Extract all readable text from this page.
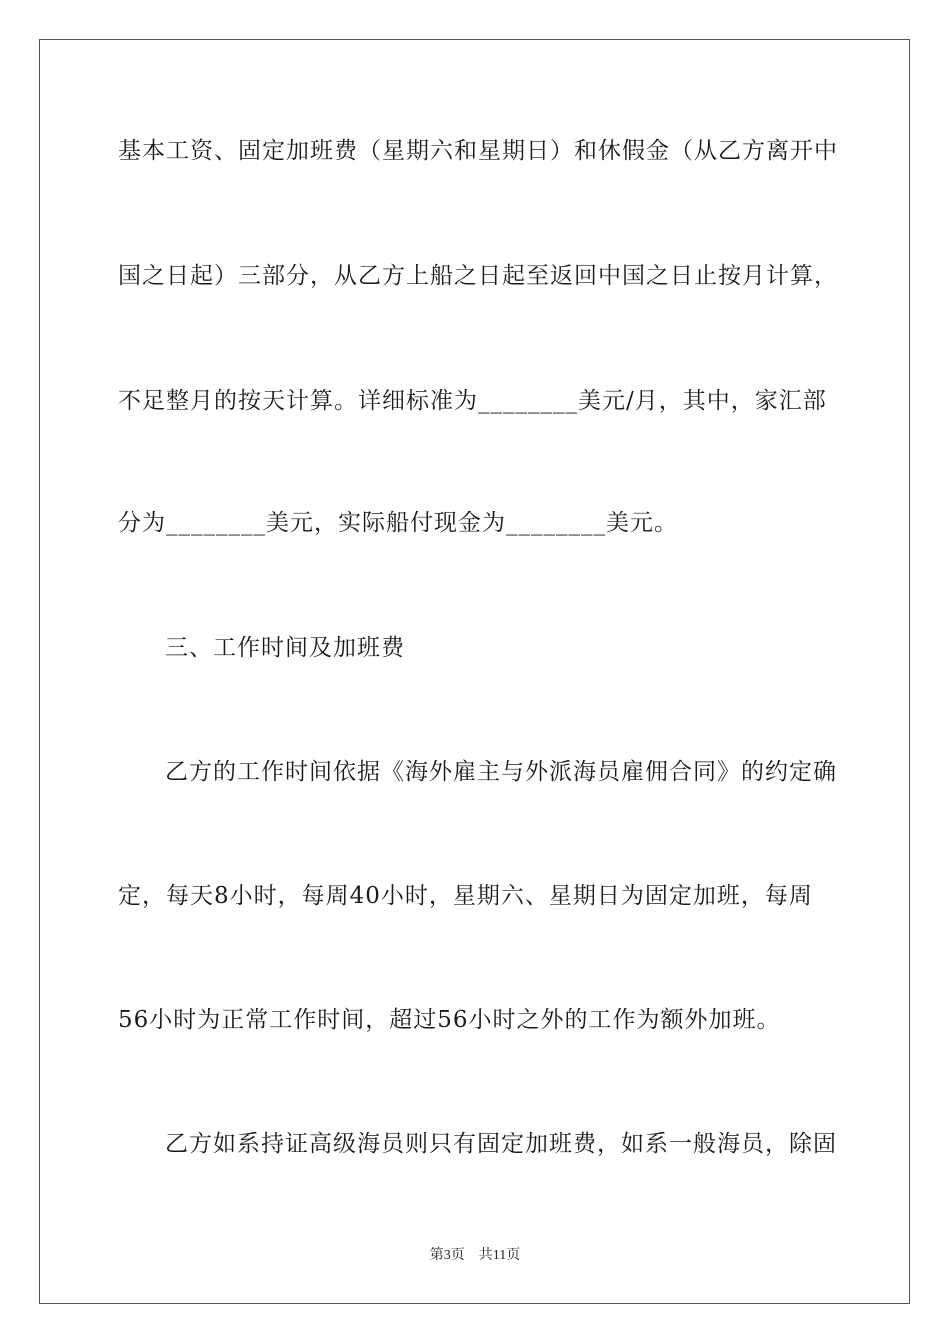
基本工资、固定加班费（星期六和星期日）和休假金（从乙方离开中
国之日起）三部分，从乙方上船之日起至返回中国之日止按月计算，
不足整月的按天计算。详细标准为________美元/月，其中，家汇部
分为________美元，实际船付现金为________美元。
三、工作时间及加班费
乙方的工作时间依据《海外雇主与外派海员雇佣合同》的约定确
定，每天8小时，每周40小时，星期六、星期日为固定加班，每周
56小时为正常工作时间，超过56小时之外的工作为额外加班。
乙方如系持证高级海员则只有固定加班费，如系一般海员，除固
第3页 共11页
